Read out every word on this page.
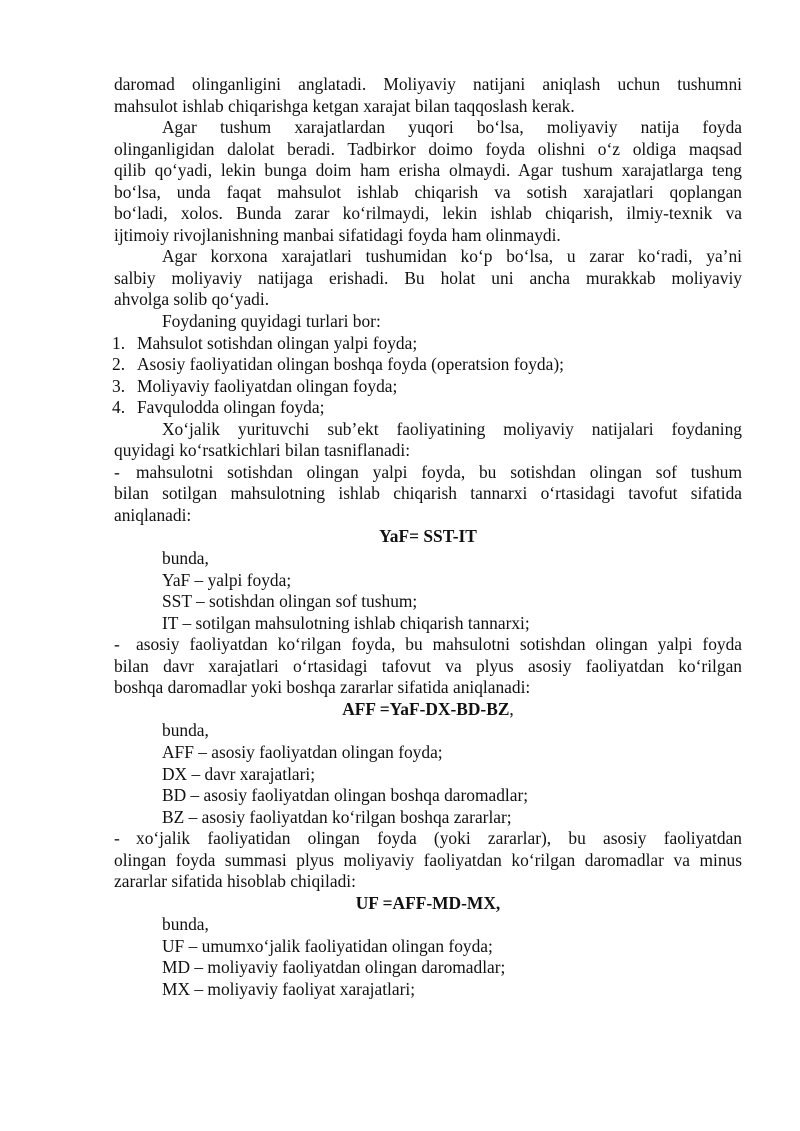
daromad olinganligini anglatadi. Moliyaviy natijani aniqlash uchun tushumni
mahsulot ishlab chiqarishga ketgan xarajat bilan taqqoslash kerak.
Agar tushum xarajatlardan yuqori bo‘lsa, moliyaviy natija foyda
olinganligidan dalolat beradi. Tadbirkor doimo foyda olishni o‘z oldiga maqsad
qilib qo‘yadi, lekin bunga doim ham erisha olmaydi. Agar tushum xarajatlarga teng
bo‘lsa, unda faqat mahsulot ishlab chiqarish va sotish xarajatlari qoplangan
bo‘ladi, xolos. Bunda zarar ko‘rilmaydi, lekin ishlab chiqarish, ilmiy-texnik va
ijtimoiy rivojlanishning manbai sifatidagi foyda ham olinmaydi.
Agar korxona xarajatlari tushumidan ko‘p bo‘lsa, u zarar ko‘radi, ya’ni
salbiy moliyaviy natijaga erishadi. Bu holat uni ancha murakkab moliyaviy
ahvolga solib qo‘yadi.
Foydaning quyidagi turlari bor:
1. Mahsulot sotishdan olingan yalpi foyda;
2. Asosiy faoliyatidan olingan boshqa foyda (operatsion foyda);
3. Moliyaviy faoliyatdan olingan foyda;
4. Favqulodda olingan foyda;
Xo‘jalik yurituvchi sub’ekt faoliyatining moliyaviy natijalari foydaning
quyidagi ko‘rsatkichlari bilan tasniflanadi:
- mahsulotni sotishdan olingan yalpi foyda, bu sotishdan olingan sof tushum
bilan sotilgan mahsulotning ishlab chiqarish tannarxi o‘rtasidagi tavofut sifatida
aniqlanadi:
YaF= SST-IT
bunda,
YaF – yalpi foyda;
SST – sotishdan olingan sof tushum;
IT – sotilgan mahsulotning ishlab chiqarish tannarxi;
- asosiy faoliyatdan ko‘rilgan foyda, bu mahsulotni sotishdan olingan yalpi foyda
bilan davr xarajatlari o‘rtasidagi tafovut va plyus asosiy faoliyatdan ko‘rilgan
boshqa daromadlar yoki boshqa zararlar sifatida aniqlanadi:
AFF =YaF-DX-BD-BZ,
bunda,
AFF – asosiy faoliyatdan olingan foyda;
DX – davr xarajatlari;
BD – asosiy faoliyatdan olingan boshqa daromadlar;
BZ – asosiy faoliyatdan ko‘rilgan boshqa zararlar;
- xo‘jalik faoliyatidan olingan foyda (yoki zararlar), bu asosiy faoliyatdan
olingan foyda summasi plyus moliyaviy faoliyatdan ko‘rilgan daromadlar va minus
zararlar sifatida hisoblab chiqiladi:
UF =AFF-MD-MX,
bunda,
UF – umumxo‘jalik faoliyatidan olingan foyda;
MD – moliyaviy faoliyatdan olingan daromadlar;
MX – moliyaviy faoliyat xarajatlari;
